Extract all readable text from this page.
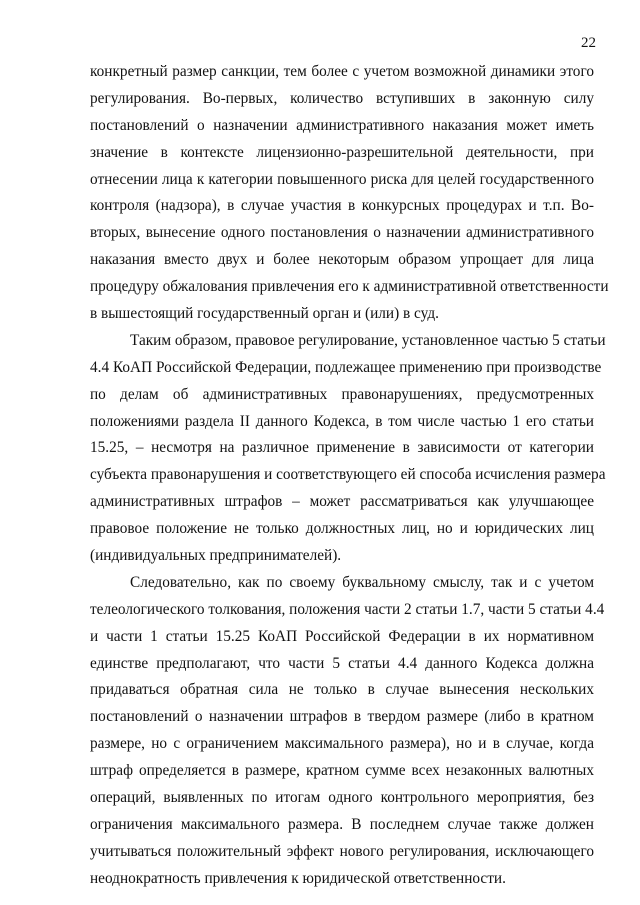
22
конкретный размер санкции, тем более с учетом возможной динамики этого
регулирования. Во-первых, количество вступивших в законную силу
постановлений о назначении административного наказания может иметь
значение в контексте лицензионно-разрешительной деятельности, при
отнесении лица к категории повышенного риска для целей государственного
контроля (надзора), в случае участия в конкурсных процедурах и т.п. Во-
вторых, вынесение одного постановления о назначении административного
наказания вместо двух и более некоторым образом упрощает для лица
процедуру обжалования привлечения его к административной ответственности
в вышестоящий государственный орган и (или) в суд.
Таким образом, правовое регулирование, установленное частью 5 статьи
4.4 КоАП Российской Федерации, подлежащее применению при производстве
по делам об административных правонарушениях, предусмотренных
положениями раздела II данного Кодекса, в том числе частью 1 его статьи
15.25, – несмотря на различное применение в зависимости от категории
субъекта правонарушения и соответствующего ей способа исчисления размера
административных штрафов – может рассматриваться как улучшающее
правовое положение не только должностных лиц, но и юридических лиц
(индивидуальных предпринимателей).
Следовательно, как по своему буквальному смыслу, так и с учетом
телеологического толкования, положения части 2 статьи 1.7, части 5 статьи 4.4
и части 1 статьи 15.25 КоАП Российской Федерации в их нормативном
единстве предполагают, что части 5 статьи 4.4 данного Кодекса должна
придаваться обратная сила не только в случае вынесения нескольких
постановлений о назначении штрафов в твердом размере (либо в кратном
размере, но с ограничением максимального размера), но и в случае, когда
штраф определяется в размере, кратном сумме всех незаконных валютных
операций, выявленных по итогам одного контрольного мероприятия, без
ограничения максимального размера. В последнем случае также должен
учитываться положительный эффект нового регулирования, исключающего
неоднократность привлечения к юридической ответственности.
